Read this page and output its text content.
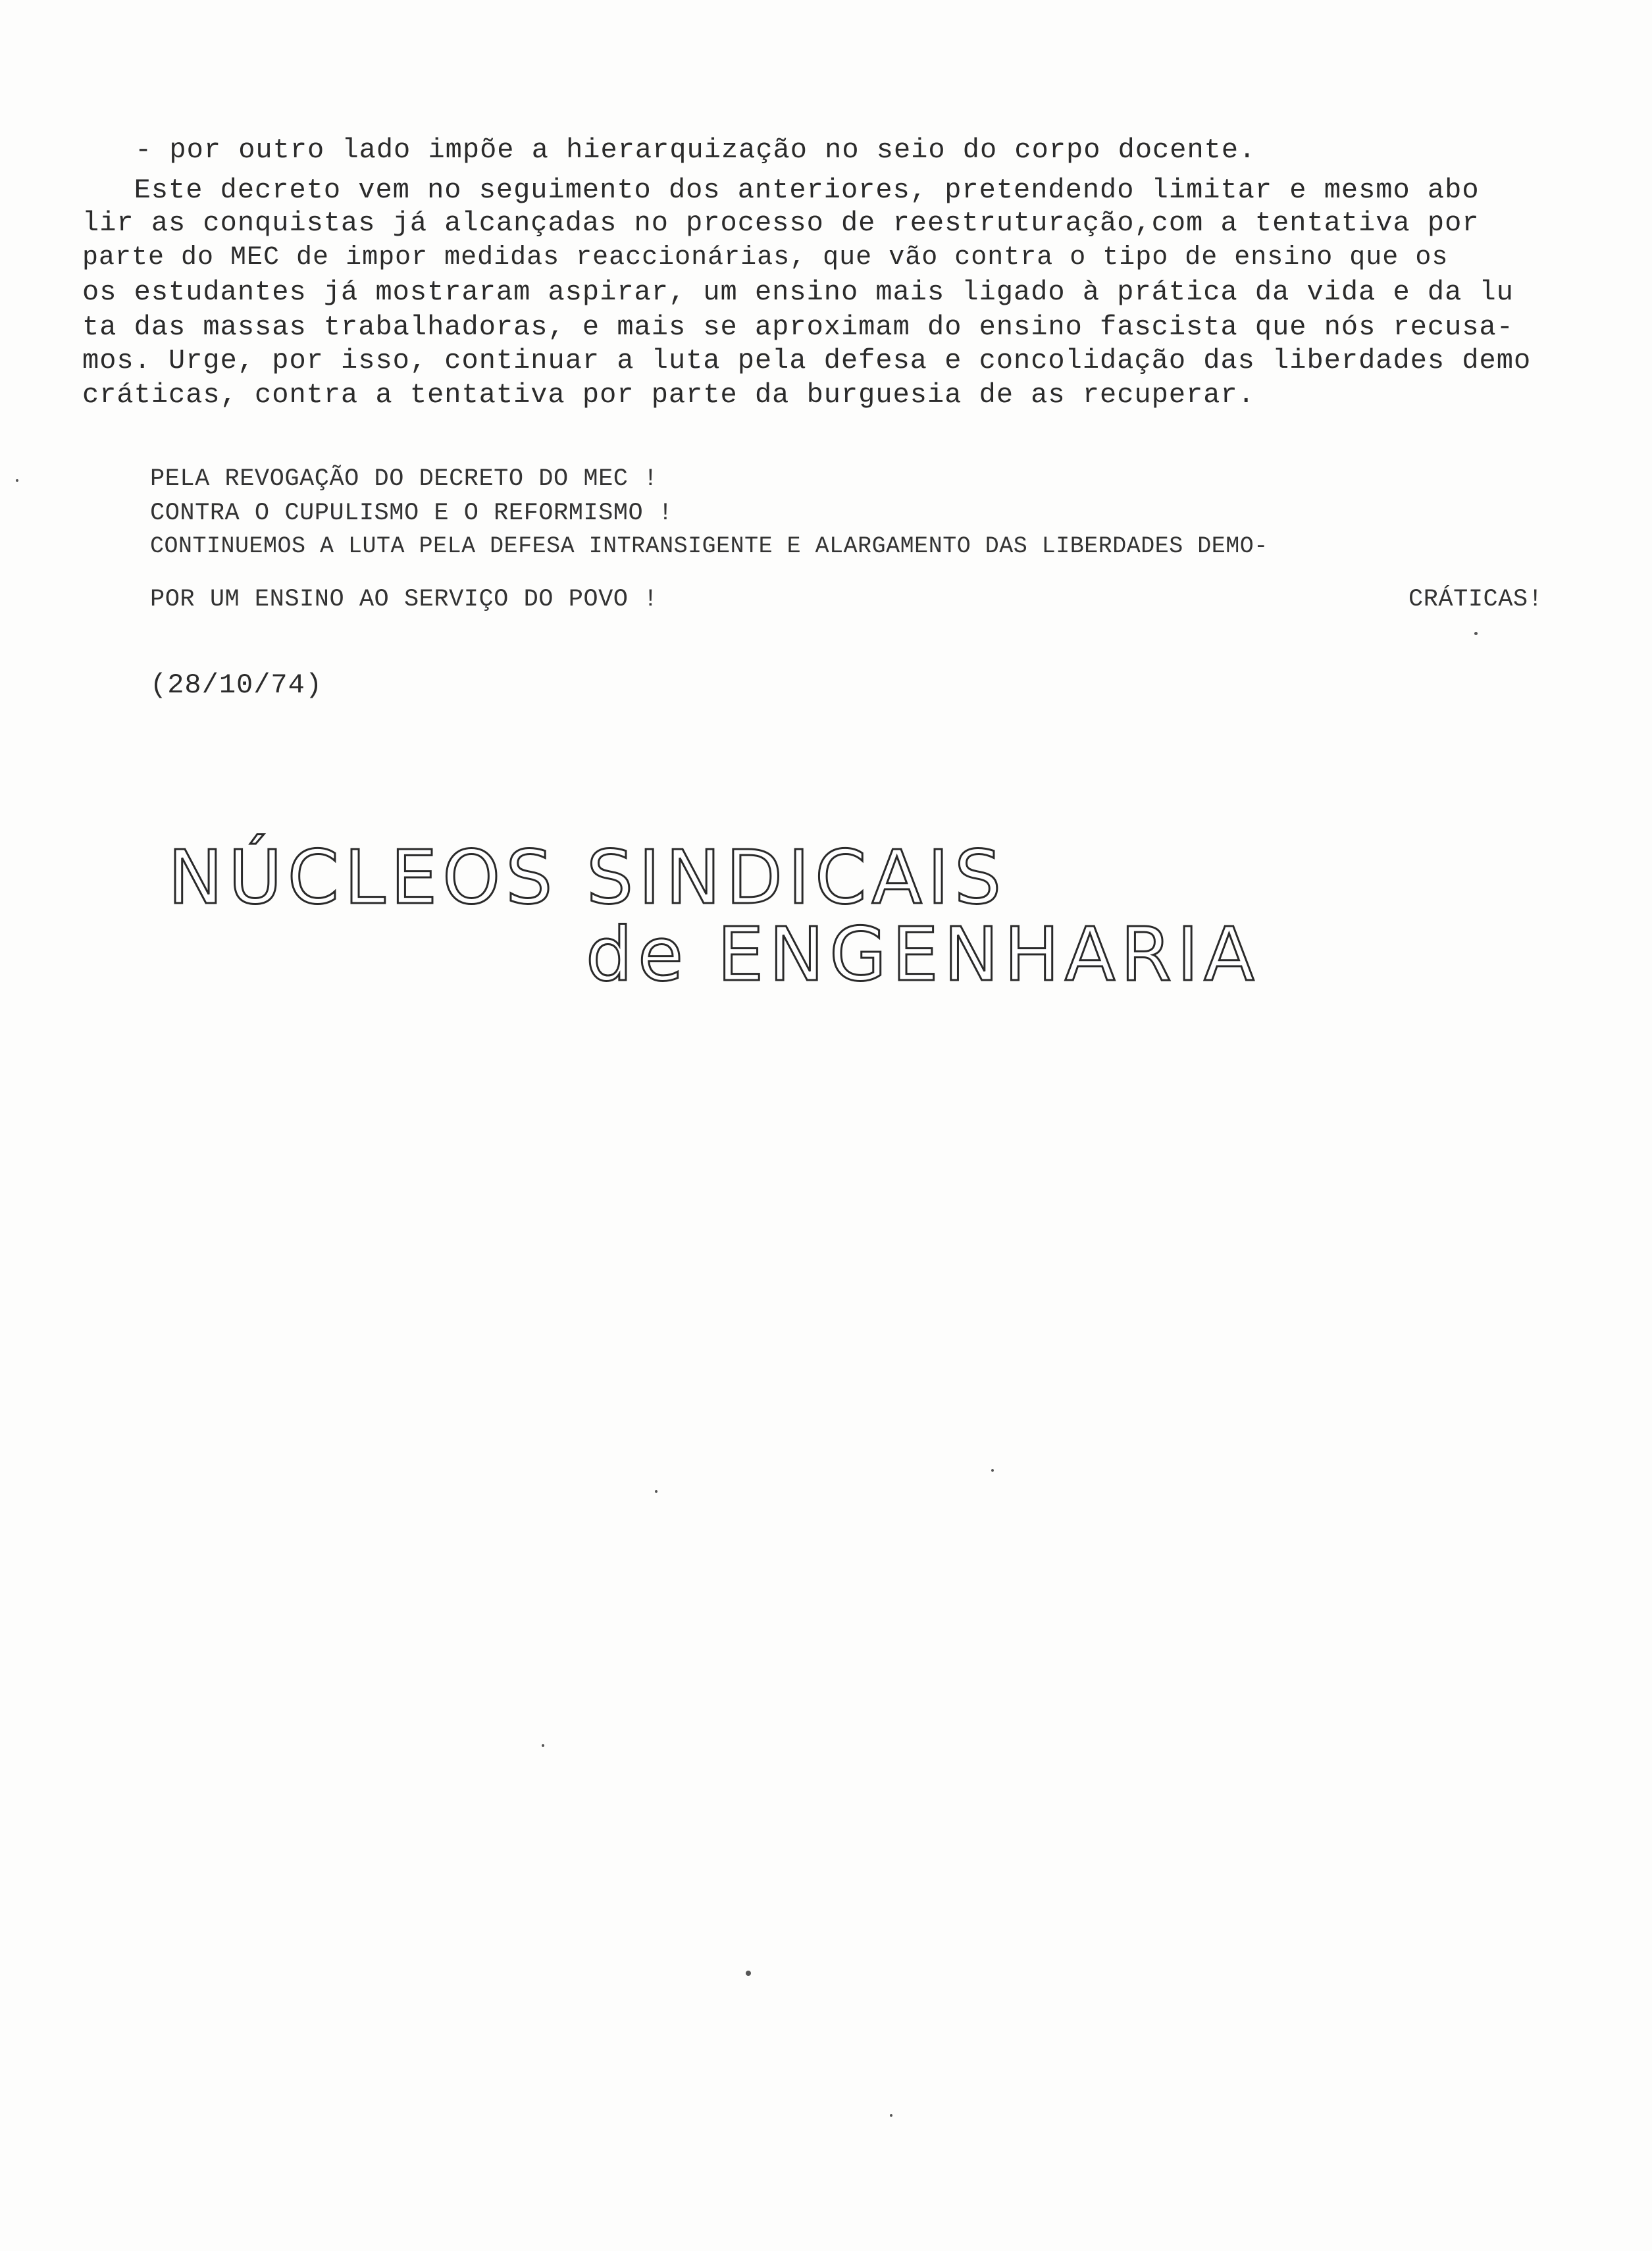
- por outro lado impõe a hierarquização no seio do corpo docente.
Este decreto vem no seguimento dos anteriores, pretendendo limitar e mesmo abo
lir as conquistas já alcançadas no processo de reestruturação,com a tentativa por
parte do MEC de impor medidas reaccionárias, que vão contra o tipo de ensino que os
os estudantes já mostraram aspirar, um ensino mais ligado à prática da vida e da lu
ta das massas trabalhadoras, e mais se aproximam do ensino fascista que nós recusa-
mos. Urge, por isso, continuar a luta pela defesa e concolidação das liberdades demo
cráticas, contra a tentativa por parte da burguesia de as recuperar.
PELA REVOGAÇÃO DO DECRETO DO MEC !
CONTRA O CUPULISMO E O REFORMISMO !
CONTINUEMOS A LUTA PELA DEFESA INTRANSIGENTE E ALARGAMENTO DAS LIBERDADES DEMO-
CRÁTICAS!
POR UM ENSINO AO SERVIÇO DO POVO !
(28/10/74)
NÚCLEOS SINDICAIS
de ENGENHARIA
